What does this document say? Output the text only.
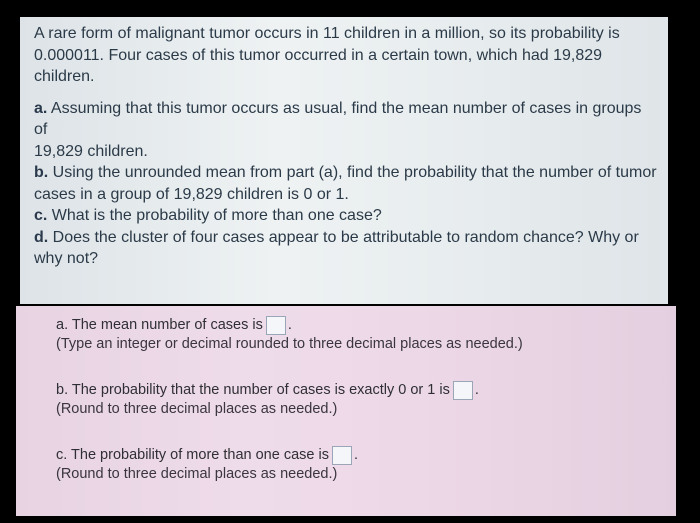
A rare form of malignant tumor occurs in 11 children in a million, so its probability is 0.000011. Four cases of this tumor occurred in a certain town, which had 19,829 children.

a. Assuming that this tumor occurs as usual, find the mean number of cases in groups of
19,829 children.
b. Using the unrounded mean from part (a), find the probability that the number of tumor cases in a group of 19,829 children is 0 or 1.
c. What is the probability of more than one case?
d. Does the cluster of four cases appear to be attributable to random chance? Why or why not?
a. The mean number of cases is .
(Type an integer or decimal rounded to three decimal places as needed.)
b. The probability that the number of cases is exactly 0 or 1 is .
(Round to three decimal places as needed.)
c. The probability of more than one case is .
(Round to three decimal places as needed.)
